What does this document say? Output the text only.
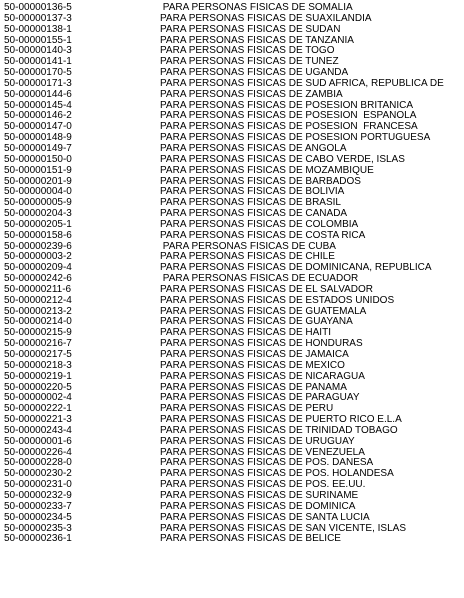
50-00000136-5	PARA PERSONAS FISICAS DE SOMALIA
50-00000137-3	PARA PERSONAS FISICAS DE SUAXILANDIA
50-00000138-1	PARA PERSONAS FISICAS DE SUDAN
50-00000155-1	PARA PERSONAS FISICAS DE TANZANIA
50-00000140-3	PARA PERSONAS FISICAS DE TOGO
50-00000141-1	PARA PERSONAS FISICAS DE TUNEZ
50-00000170-5	PARA PERSONAS FISICAS DE UGANDA
50-00000171-3	PARA PERSONAS FISICAS DE SUD AFRICA, REPUBLICA DE
50-00000144-6	PARA PERSONAS FISICAS DE ZAMBIA
50-00000145-4	PARA PERSONAS FISICAS DE POSESION BRITANICA
50-00000146-2	PARA PERSONAS FISICAS DE POSESION  ESPAÑOLA
50-00000147-0	PARA PERSONAS FISICAS DE POSESION  FRANCESA
50-00000148-9	PARA PERSONAS FISICAS DE POSESION PORTUGUESA
50-00000149-7	PARA PERSONAS FISICAS DE ANGOLA
50-00000150-0	PARA PERSONAS FISICAS DE CABO VERDE, ISLAS
50-00000151-9	PARA PERSONAS FISICAS DE MOZAMBIQUE
50-00000201-9	PARA PERSONAS FISICAS DE BARBADOS
50-00000004-0	PARA PERSONAS FISICAS DE BOLIVIA
50-00000005-9	PARA PERSONAS FISICAS DE BRASIL
50-00000204-3	PARA PERSONAS FISICAS DE CANADA
50-00000205-1	PARA PERSONAS FISICAS DE COLOMBIA
50-00000158-6	PARA PERSONAS FISICAS DE COSTA RICA
50-00000239-6	PARA PERSONAS FISICAS DE CUBA
50-00000003-2	PARA PERSONAS FISICAS DE CHILE
50-00000209-4	PARA PERSONAS FISICAS DE DOMINICANA, REPUBLICA
50-00000242-6	PARA PERSONAS FISICAS DE ECUADOR
50-00000211-6	PARA PERSONAS FISICAS DE EL SALVADOR
50-00000212-4	PARA PERSONAS FISICAS DE ESTADOS UNIDOS
50-00000213-2	PARA PERSONAS FISICAS DE GUATEMALA
50-00000214-0	PARA PERSONAS FISICAS DE GUAYANA
50-00000215-9	PARA PERSONAS FISICAS DE HAITI
50-00000216-7	PARA PERSONAS FISICAS DE HONDURAS
50-00000217-5	PARA PERSONAS FISICAS DE JAMAICA
50-00000218-3	PARA PERSONAS FISICAS DE MEXICO
50-00000219-1	PARA PERSONAS FISICAS DE NICARAGUA
50-00000220-5	PARA PERSONAS FISICAS DE PANAMA
50-00000002-4	PARA PERSONAS FISICAS DE PARAGUAY
50-00000222-1	PARA PERSONAS FISICAS DE PERU
50-00000221-3	PARA PERSONAS FISICAS DE PUERTO RICO E.L.A
50-00000243-4	PARA PERSONAS FISICAS DE TRINIDAD TOBAGO
50-00000001-6	PARA PERSONAS FISICAS DE URUGUAY
50-00000226-4	PARA PERSONAS FISICAS DE VENEZUELA
50-00000228-0	PARA PERSONAS FISICAS DE POS. DANESA
50-00000230-2	PARA PERSONAS FISICAS DE POS. HOLANDESA
50-00000231-0	PARA PERSONAS FISICAS DE POS. EE.UU.
50-00000232-9	PARA PERSONAS FISICAS DE SURINAME
50-00000233-7	PARA PERSONAS FISICAS DE DOMINICA
50-00000234-5	PARA PERSONAS FISICAS DE SANTA LUCIA
50-00000235-3	PARA PERSONAS FISICAS DE SAN VICENTE, ISLAS
50-00000236-1	PARA PERSONAS FISICAS DE BELICE
